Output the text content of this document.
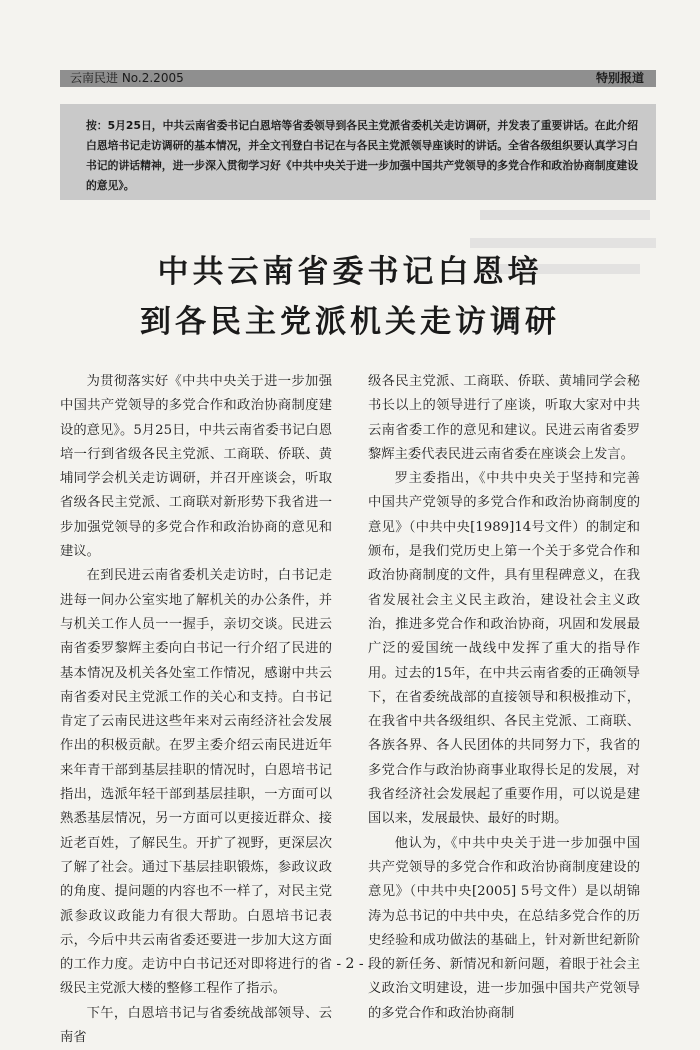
云南民进 No.2.2005	特别报道
按：5月25日，中共云南省委书记白恩培等省委领导到各民主党派省委机关走访调研，并发表了重要讲话。在此介绍白恩培书记走访调研的基本情况，并全文刊登白书记在与各民主党派领导座谈时的讲话。全省各级组织要认真学习白书记的讲话精神，进一步深入贯彻学习好《中共中央关于进一步加强中国共产党领导的多党合作和政治协商制度建设的意见》。
中共云南省委书记白恩培
到各民主党派机关走访调研

为贯彻落实好《中共中央关于进一步加强中国共产党领导的多党合作和政治协商制度建设的意见》。5月25日，中共云南省委书记白恩培一行到省级各民主党派、工商联、侨联、黄埔同学会机关走访调研，并召开座谈会，听取省级各民主党派、工商联对新形势下我省进一步加强党领导的多党合作和政治协商的意见和建议。

在到民进云南省委机关走访时，白书记走进每一间办公室实地了解机关的办公条件，并与机关工作人员一一握手，亲切交谈。民进云南省委罗黎辉主委向白书记一行介绍了民进的基本情况及机关各处室工作情况，感谢中共云南省委对民主党派工作的关心和支持。白书记肯定了云南民进这些年来对云南经济社会发展作出的积极贡献。在罗主委介绍云南民进近年来年青干部到基层挂职的情况时，白恩培书记指出，选派年轻干部到基层挂职，一方面可以熟悉基层情况，另一方面可以更接近群众、接近老百姓，了解民生。开扩了视野，更深层次了解了社会。通过下基层挂职锻炼，参政议政的角度、提问题的内容也不一样了，对民主党派参政议政能力有很大帮助。白恩培书记表示，今后中共云南省委还要进一步加大这方面的工作力度。走访中白书记还对即将进行的省级民主党派大楼的整修工程作了指示。

下午，白恩培书记与省委统战部领导、云南省

级各民主党派、工商联、侨联、黄埔同学会秘书长以上的领导进行了座谈，听取大家对中共云南省委工作的意见和建议。民进云南省委罗黎辉主委代表民进云南省委在座谈会上发言。

罗主委指出，《中共中央关于坚持和完善中国共产党领导的多党合作和政治协商制度的意见》（中共中央[1989]14号文件）的制定和颁布，是我们党历史上第一个关于多党合作和政治协商制度的文件，具有里程碑意义，在我省发展社会主义民主政治，建设社会主义政治，推进多党合作和政治协商，巩固和发展最广泛的爱国统一战线中发挥了重大的指导作用。过去的15年，在中共云南省委的正确领导下，在省委统战部的直接领导和积极推动下，在我省中共各级组织、各民主党派、工商联、各族各界、各人民团体的共同努力下，我省的多党合作与政治协商事业取得长足的发展，对我省经济社会发展起了重要作用，可以说是建国以来，发展最快、最好的时期。

他认为，《中共中央关于进一步加强中国共产党领导的多党合作和政治协商制度建设的意见》（中共中央[2005] 5号文件）是以胡锦涛为总书记的中共中央，在总结多党合作的历史经验和成功做法的基础上，针对新世纪新阶段的新任务、新情况和新问题，着眼于社会主义政治文明建设，进一步加强中国共产党领导的多党合作和政治协商制

- 2 -
